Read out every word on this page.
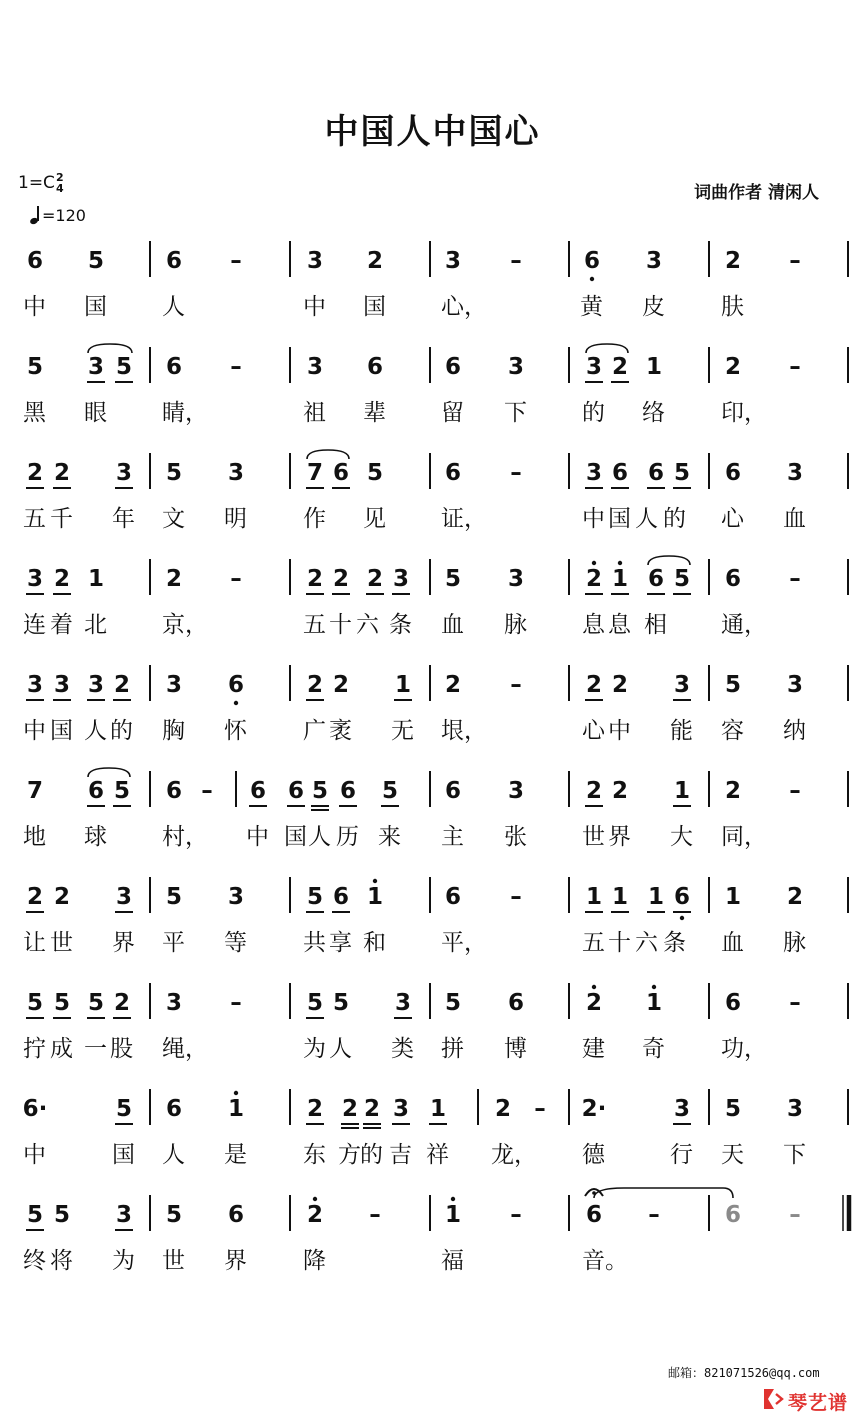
中国人中国心
1=C 2
4
=120
词曲作者 清闲人
6 5	6 –	3 2	3 –	6 3	2 –
中 国 人	中 国 心，	黄 皮 肤
5 3 5 6 –	3 6	6 3	3 2 1	2 –
黑 眼 睛，	祖 辈 留 下 的 络 印，
2 2 3 5 3	7 6 5	6 –	3 6 6 5 6 3
五 千 年 文 明 作 见 证，	中 国 人 的 心 血
3 2 1	2 –	2 2 2 3 5 3	2 1 6 5 6 –
连 着 北 京，	五 十 六 条 血 脉 息 息 相 通，
3 3 3 2 3 6	2 2 1 2 –	2 2 3 5 3
中 国 人 的 胸 怀 广 袤 无 垠，	心 中 能 容 纳
7 6 5 6 – 6 6 5 6 5 6 3	2 2 1 2 –
地 球 村， 中 国 人 历 来 主 张 世 界 大 同，
2 2 3 5 3	5 6 1	6 –	1 1 1 6 1 2
让 世 界 平 等 共 享 和 平，	五 十 六 条 血 脉
5 5 5 2 3 –	5 5 3 5 6	2 1	6 –
拧 成 一 股 绳，	为 人 类 拼 博 建 奇 功，
6·	5 6 1	2 2 2 3 1 2 – 2·	3 5 3
中	国 人 是 东 方 的 吉 祥 龙， 德	行 天 下
5 5 3 5 6	2 –	1 –	6 –	6 –
终 将 为 世 界 降	福	音。
邮箱：821071526@qq.com
琴艺谱
